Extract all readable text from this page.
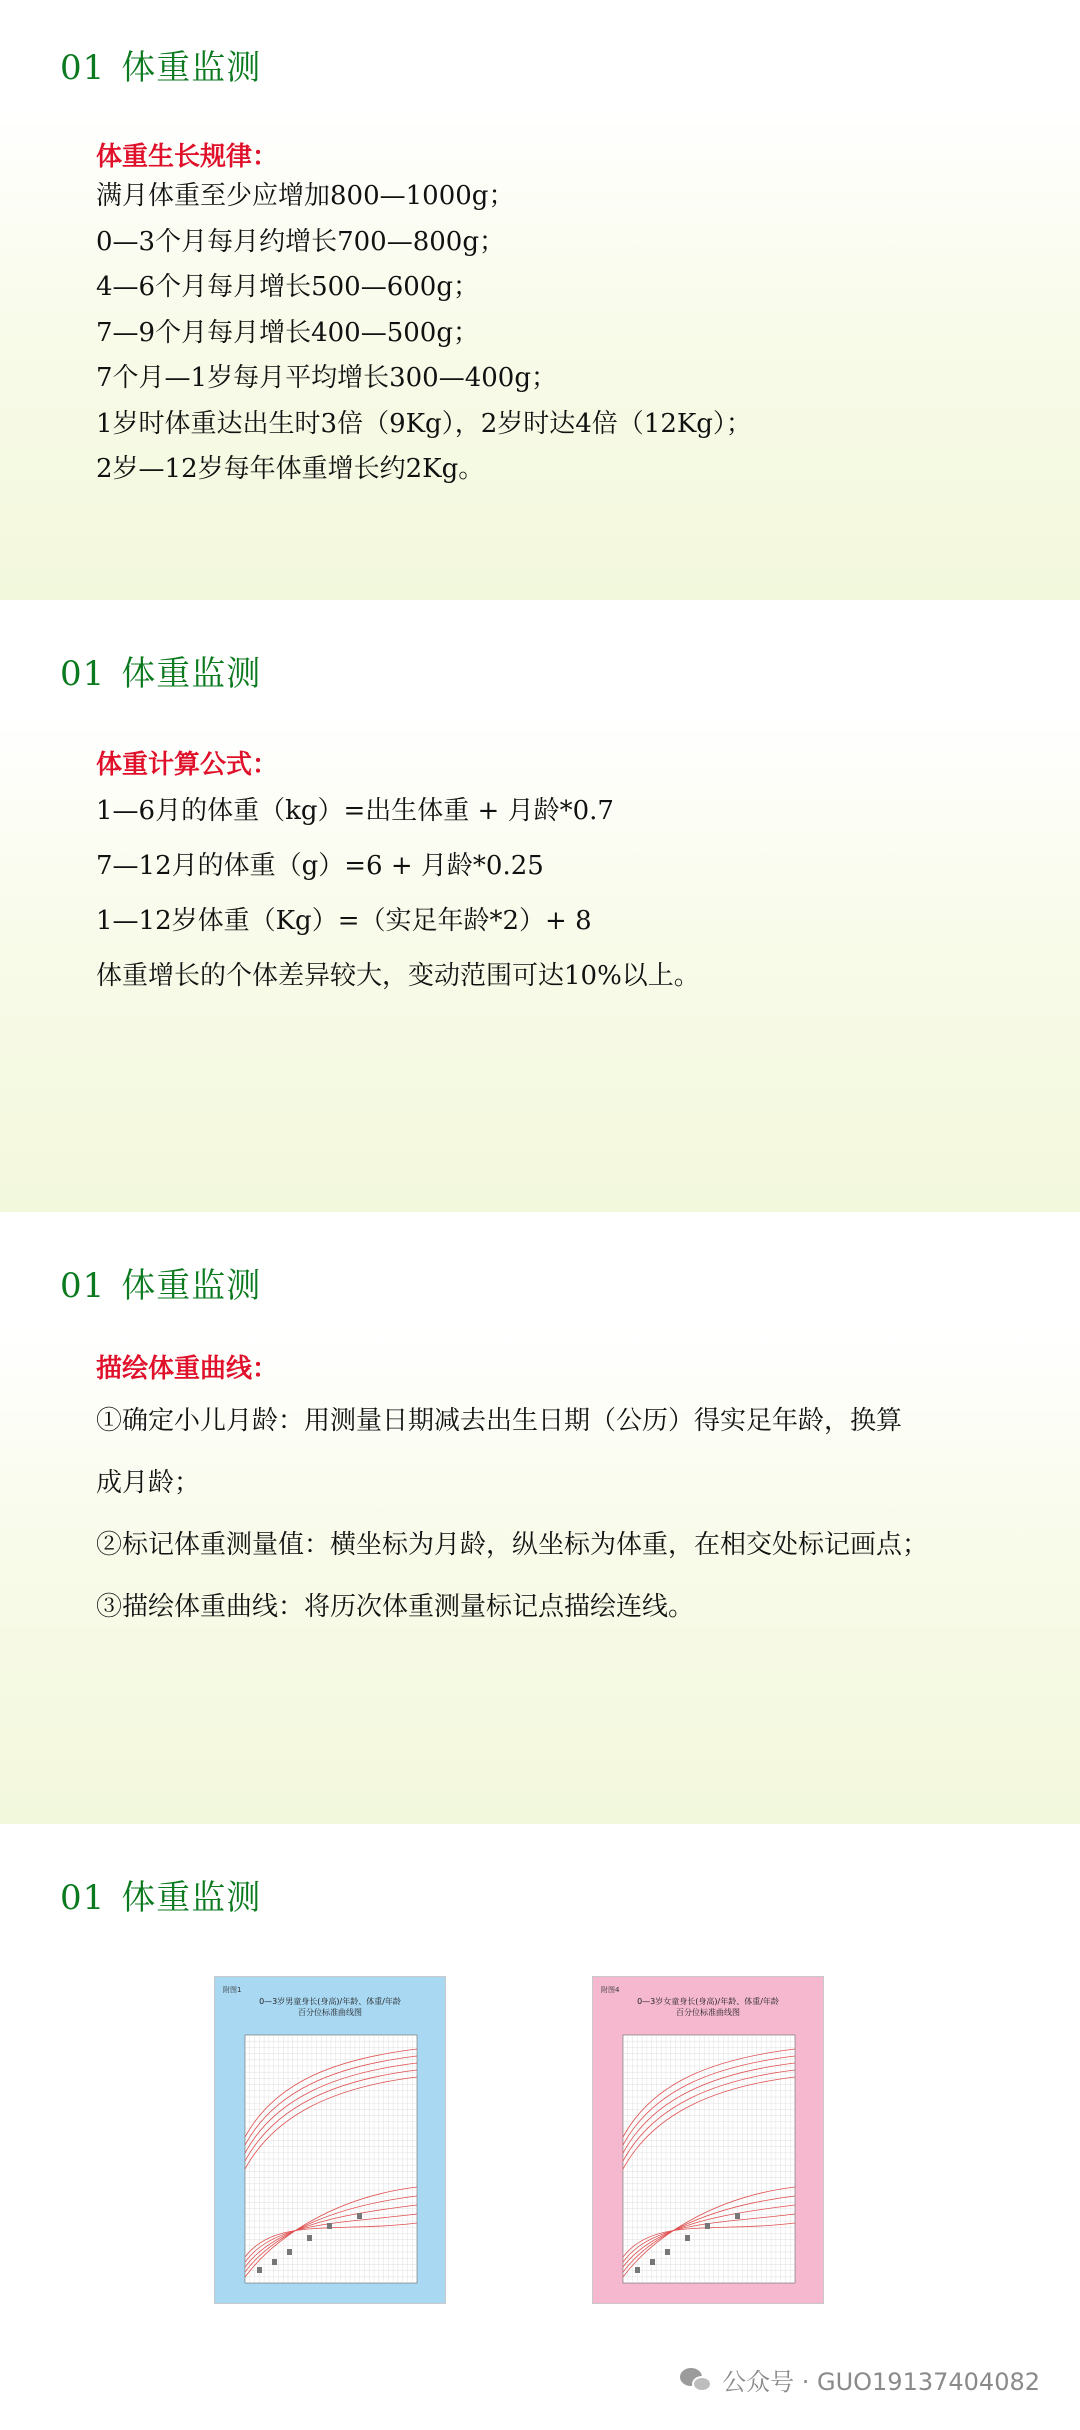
01 体重监测
体重生长规律：
满月体重至少应增加800—1000g；
0—3个月每月约增长700—800g；
4—6个月每月增长500—600g；
7—9个月每月增长400—500g；
7个月—1岁每月平均增长300—400g；
1岁时体重达出生时3倍（9Kg），2岁时达4倍（12Kg）；
2岁—12岁每年体重增长约2Kg。
01 体重监测
体重计算公式：
1—6月的体重（kg）=出生体重 + 月龄*0.7
7—12月的体重（g）=6 + 月龄*0.25
1—12岁体重（Kg）=（实足年龄*2）+ 8
体重增长的个体差异较大，变动范围可达10%以上。
01 体重监测
描绘体重曲线：
①确定小儿月龄：用测量日期减去出生日期（公历）得实足年龄，换算
成月龄；
②标记体重测量值：横坐标为月龄，纵坐标为体重，在相交处标记画点；
③描绘体重曲线：将历次体重测量标记点描绘连线。
01 体重监测
附图1
0—3岁男童身长(身高)/年龄、体重/年龄
百分位标准曲线图
附图4
0—3岁女童身长(身高)/年龄、体重/年龄
百分位标准曲线图
公众号 · GUO19137404082
